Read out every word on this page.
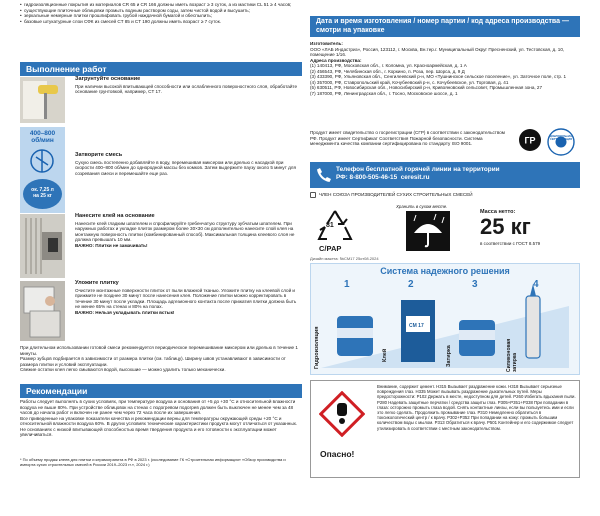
• гидроизоляционные покрытия из материалов CR 65 и CR 166 должны иметь возраст ≥ 3 суток, а из мастики CL 51 ≥ 4 часов;
• существующие плиточные облицовки промыть водным раствором соды, затем чистой водой и высушить;
• зеркальные немерные плитки прошлифовать грубой наждачной бумагой и обеспылить;
• базовые штукатурные слои CФК из смесей CT 85 и CT 190 должны иметь возраст ≥ 7 суток.
Выполнение работ
Загрунтуйте основание
При наличии высокой впитывающей способности или ослабленного поверхностного слоя, обработайте основание грунтовкой, например, CT 17.
400–800
об/мин
ок. 7,25 л
на 25 кг
Затворите смесь
Сухую смесь постепенно добавляйте в воду, перемешивая миксером или дрелью с насадкой при скорости 400–800 об/мин до однородной массы без комков. Затем выдержите паузу около 5 минут для созревания смеси и перемешайте еще раз.
Нанесите клей на основание
Нанесите клей гладким шпателем и спрофилируйте гребенчатую структуру зубчатым шпателем. При наружных работах и укладке плиток размером более 30×30 см дополнительно нанесите слой клея на монтажную поверхность плитки (комбинированный способ). Максимальная толщина клеевого слоя не должна превышать 10 мм.
ВАЖНО: Плитки не замачивать!
Уложите плитку
Очистите монтажные поверхности плиток от пыли влажной тканью. Уложите плитку на клеевой слой и прижмите не позднее 30 минут после нанесения клея. Положение плитки можно корректировать в течение 30 минут после укладки. Площадь адгезионного контакта после прижатия плитки должна быть не менее 65% на стенах и 80% на полах.
ВАЖНО: Нельзя укладывать плитки встык!
При длительном использовании готовой смеси рекомендуется периодическое перемешивание миксером или дрелью в течение 1 минуты.
Размер зубцов подбирается в зависимости от размера плитки (см. таблицу). Ширину швов устанавливают в зависимости от размера плитки и условий эксплуатации.
Свежие остатки клея легко смываются водой, высохшие — можно удалить только механически.
Рекомендации
Работы следует выполнять в сухих условиях, при температуре воздуха и основания от +5 до +30 °C и относительной влажности воздуха не выше 80%. При устройстве облицовок на стенах с подогревом подогрев должен быть выключен не менее чем за 48 часов до начала работ и включен не ранее чем через 72 часа после их завершения.
Все приведенные на упаковке показатели качества и рекомендации верны для температуры окружающей среды +20 °C и относительной влажности воздуха 60%. В других условиях технические характеристики продукта могут отличаться от указанных. Не основаниях с низкой впитывающей способностью время твердения продукта и его готовности к эксплуатации может увеличиваться.
* По объему продаж клеев для плитки и керамогранита в РФ в 2023 г. (исследование ГК «Строительная информация» «Обзор производства и импорта сухих строительных смесей в России 2019–2023 гг.», 2024 г.)
Дата и время изготовления / номер партии / код адреса производства — смотри на упаковке
Изготовитель:
ООО «ЛАБ Индастриз», Россия, 123112, г. Москва, Вн.тер.г. Муниципальный Округ Пресненский, ул. Тестовская, д. 10, помещение 1/16.
Адреса производства:
(1) 140413, РФ, Московская обл., г. Коломна, ул. Красноармейская, д. 1 А
(2) 456543, РФ, Челябинская обл., г. Коркино, п. Роза, пер. Шорса, д. 9 Д
(3) 433390, РФ, Ульяновская обл., Сенгилеевский р-н, МО «Тушнинское сельское поселение», ул. Заточное поле, стр. 1
(4) 357000, РФ, Ставропольский край, Кочубеевский р-н, с. Кочубеевское, ул. Торговая, д. 41
(5) 630511, РФ, Новосибирская обл., Новосибирский р-н, Кривояновский сельсовет, Промышленная зона, 27
(7) 187000, РФ, Ленинградская обл., г. Тосно, Московское шоссе, д. 1
Продукт имеет свидетельство о госрегистрации (СГР) в соответствии с законодательством РФ. Продукт имеет Сертификат Соответствия Пожарной безопасности. Система менеджмента качества компании сертифицирована по стандарту ISO 9001.	ГР	ДОБРОВОЛЬНАЯ СЕРТИФИКАЦИЯ
Телефон бесплатной горячей линии на территории
РФ: 8-800-505-46-15 ceresit.ru
ЧЛЕН СОЮЗА ПРОИЗВОДИТЕЛЕЙ СУХИХ СТРОИТЕЛЬНЫХ СМЕСЕЙ
81
C/PAP
Хранить в сухом месте.
Масса нетто:
25 кг
в соответствии с ГОСТ 8.579
Дизайн макета: №CM17 25от08.2024
Система надежного решения
CM 17
1	2	3	4
Гидроизоляция	Клей	Затирка	Силиконовая затирка
Опасно!
Внимание, содержит цемент. H315 Вызывает раздражение кожи. H318 Вызывает серьезные повреждения глаз. H335 Может вызывать раздражение дыхательных путей. Меры предосторожности: P102 Держать в месте, недоступном для детей. P260 Избегать вдыхания пыли. P280 Надевать защитные перчатки / средства защиты глаз. P305+P351+P338 При попадании в глаза: осторожно промыть глаза водой. Снять контактные линзы, если вы пользуетесь ими и если это легко сделать. Продолжить промывание глаз. P310 Немедленно обратиться в токсикологический центр / к врачу. P302+P352 При попадании на кожу: промыть большим количеством воды с мылом. P313 Обратиться к врачу. P501 Контейнер и его содержимое следует утилизировать в соответствии с местным законодательством.
